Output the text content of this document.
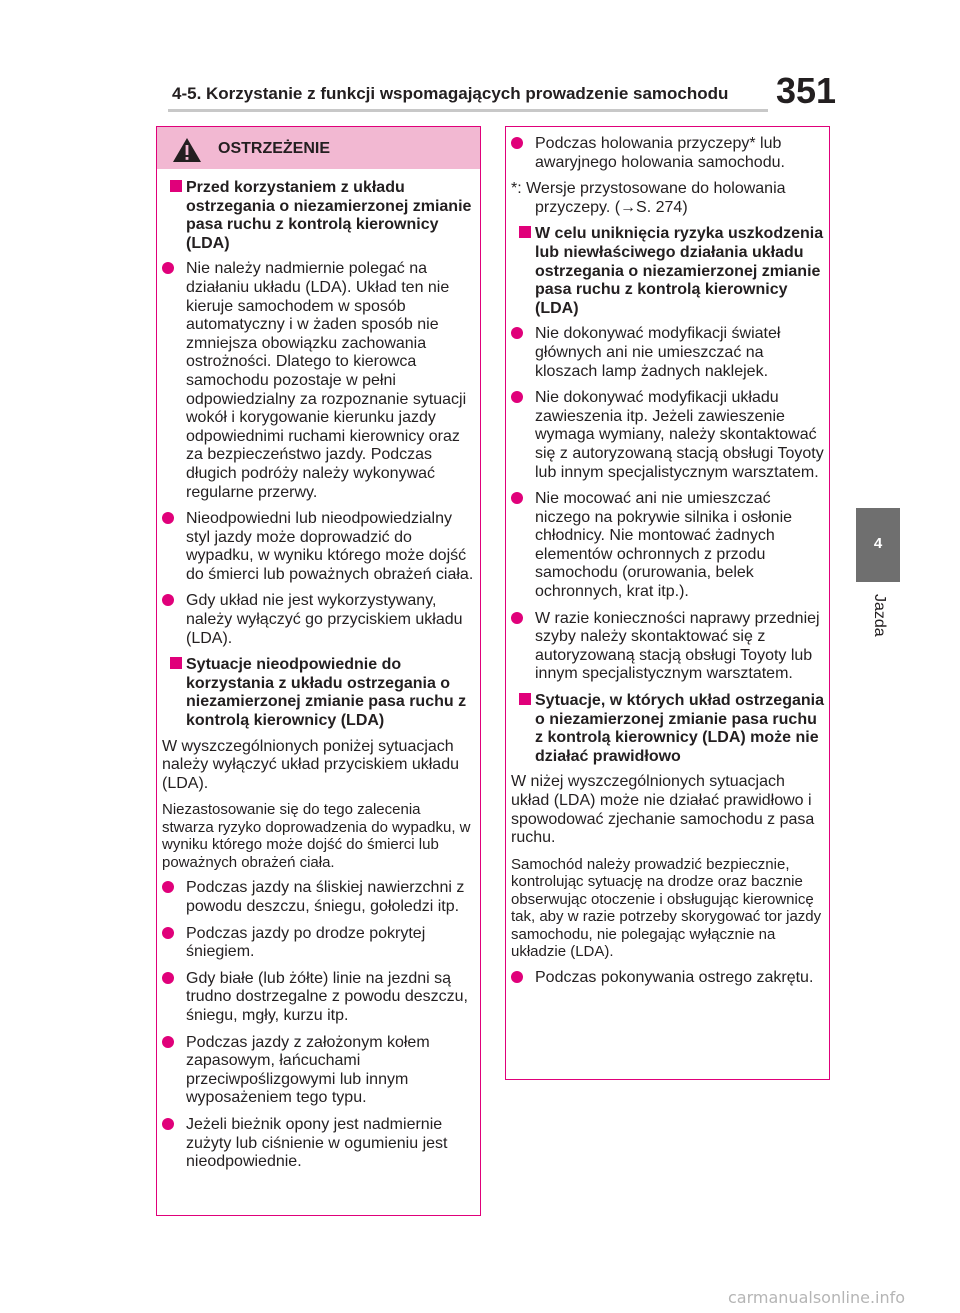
4-5. Korzystanie z funkcji wspomagających prowadzenie samochodu 351
4
Jazda
OSTRZEŻENIE

Przed korzystaniem z układu ostrzegania o niezamierzonej zmianie pasa ruchu z kontrolą kierownicy (LDA)

Nie należy nadmiernie polegać na działaniu układu (LDA). Układ ten nie kieruje samochodem w sposób automatyczny i w żaden sposób nie zmniejsza obowiązku zachowania ostrożności. Dlatego to kierowca samochodu pozostaje w pełni odpowiedzialny za rozpoznanie sytuacji wokół i korygowanie kierunku jazdy odpowiednimi ruchami kierownicy oraz za bezpieczeństwo jazdy. Podczas długich podróży należy wykonywać regularne przerwy.

Nieodpowiedni lub nieodpowiedzialny styl jazdy może doprowadzić do wypadku, w wyniku którego może dojść do śmierci lub poważnych obrażeń ciała.

Gdy układ nie jest wykorzystywany, należy wyłączyć go przyciskiem układu (LDA).

Sytuacje nieodpowiednie do korzystania z układu ostrzegania o niezamierzonej zmianie pasa ruchu z kontrolą kierownicy (LDA)

W wyszczególnionych poniżej sytuacjach należy wyłączyć układ przyciskiem układu (LDA).

Niezastosowanie się do tego zalecenia stwarza ryzyko doprowadzenia do wypadku, w wyniku którego może dojść do śmierci lub poważnych obrażeń ciała.

Podczas jazdy na śliskiej nawierzchni z powodu deszczu, śniegu, gołoledzi itp.

Podczas jazdy po drodze pokrytej śniegiem.

Gdy białe (lub żółte) linie na jezdni są trudno dostrzegalne z powodu deszczu, śniegu, mgły, kurzu itp.

Podczas jazdy z założonym kołem zapasowym, łańcuchami przeciwpoślizgowymi lub innym wyposażeniem tego typu.

Jeżeli bieżnik opony jest nadmiernie zużyty lub ciśnienie w ogumieniu jest nieodpowiednie.

Podczas holowania przyczepy* lub awaryjnego holowania samochodu.

*: Wersje przystosowane do holowania przyczepy. (→S. 274)

W celu uniknięcia ryzyka uszkodzenia lub niewłaściwego działania układu ostrzegania o niezamierzonej zmianie pasa ruchu z kontrolą kierownicy (LDA)

Nie dokonywać modyfikacji świateł głównych ani nie umieszczać na kloszach lamp żadnych naklejek.

Nie dokonywać modyfikacji układu zawieszenia itp. Jeżeli zawieszenie wymaga wymiany, należy skontaktować się z autoryzowaną stacją obsługi Toyoty lub innym specjalistycznym warsztatem.

Nie mocować ani nie umieszczać niczego na pokrywie silnika i osłonie chłodnicy. Nie montować żadnych elementów ochronnych z przodu samochodu (orurowania, belek ochronnych, krat itp.).

W razie konieczności naprawy przedniej szyby należy skontaktować się z autoryzowaną stacją obsługi Toyoty lub innym specjalistycznym warsztatem.

Sytuacje, w których układ ostrzegania o niezamierzonej zmianie pasa ruchu z kontrolą kierownicy (LDA) może nie działać prawidłowo

W niżej wyszczególnionych sytuacjach układ (LDA) może nie działać prawidłowo i spowodować zjechanie samochodu z pasa ruchu.

Samochód należy prowadzić bezpiecznie, kontrolując sytuację na drodze oraz bacznie obserwując otoczenie i obsługując kierownicę tak, aby w razie potrzeby skorygować tor jazdy samochodu, nie polegając wyłącznie na układzie (LDA).

Podczas pokonywania ostrego zakrętu.

carmanualsonline.info
